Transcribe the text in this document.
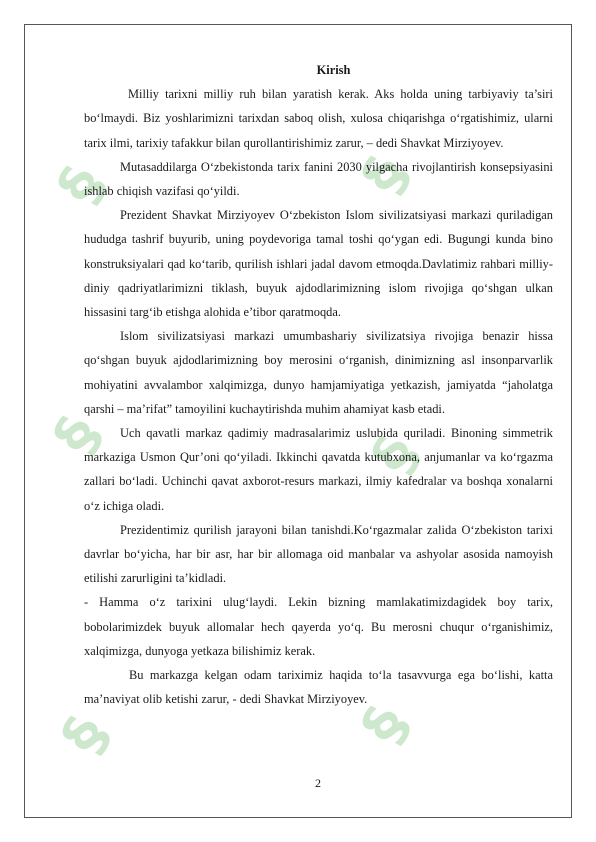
§
§
§
§
§
§

Kirish

Milliy tarixni milliy ruh bilan yaratish kerak. Aks holda uning tarbiyaviy ta’siri bo‘lmaydi. Biz yoshlarimizni tarixdan saboq olish, xulosa chiqarishga o‘rgatishimiz, ularni tarix ilmi, tarixiy tafakkur bilan qurollantirishimiz zarur, – dedi Shavkat Mirziyoyev.

Mutasaddilarga O‘zbekistonda tarix fanini 2030 yilgacha rivojlantirish konsepsiyasini ishlab chiqish vazifasi qo‘yildi.

Prezident Shavkat Mirziyoyev O‘zbekiston Islom sivilizatsiyasi markazi quriladigan hududga tashrif buyurib, uning poydevoriga tamal toshi qo‘ygan edi. Bugungi kunda bino konstruksiyalari qad ko‘tarib, qurilish ishlari jadal davom etmoqda.Davlatimiz rahbari milliy-diniy qadriyatlarimizni tiklash, buyuk ajdodlarimizning islom rivojiga qo‘shgan ulkan hissasini targ‘ib etishga alohida e’tibor qaratmoqda.

Islom sivilizatsiyasi markazi umumbashariy sivilizatsiya rivojiga benazir hissa qo‘shgan buyuk ajdodlarimizning boy merosini o‘rganish, dinimizning asl insonparvarlik mohiyatini avvalambor xalqimizga, dunyo hamjamiyatiga yetkazish, jamiyatda “jaholatga qarshi – ma’rifat” tamoyilini kuchaytirishda muhim ahamiyat kasb etadi.

Uch qavatli markaz qadimiy madrasalarimiz uslubida quriladi. Binoning simmetrik markaziga Usmon Qur’oni qo‘yiladi. Ikkinchi qavatda kutubxona, anjumanlar va ko‘rgazma zallari bo‘ladi. Uchinchi qavat axborot-resurs markazi, ilmiy kafedralar va boshqa xonalarni o‘z ichiga oladi.

Prezidentimiz qurilish jarayoni bilan tanishdi.Ko‘rgazmalar zalida O‘zbekiston tarixi davrlar bo‘yicha, har bir asr, har bir allomaga oid manbalar va ashyolar asosida namoyish etilishi zarurligini ta’kidladi.

- Hamma o‘z tarixini ulug‘laydi. Lekin bizning mamlakatimizdagidek boy tarix, bobolarimizdek buyuk allomalar hech qayerda yo‘q. Bu merosni chuqur o‘rganishimiz, xalqimizga, dunyoga yetkaza bilishimiz kerak.

Bu markazga kelgan odam tariximiz haqida to‘la tasavvurga ega bo‘lishi, katta ma’naviyat olib ketishi zarur, - dedi Shavkat Mirziyoyev.

2
